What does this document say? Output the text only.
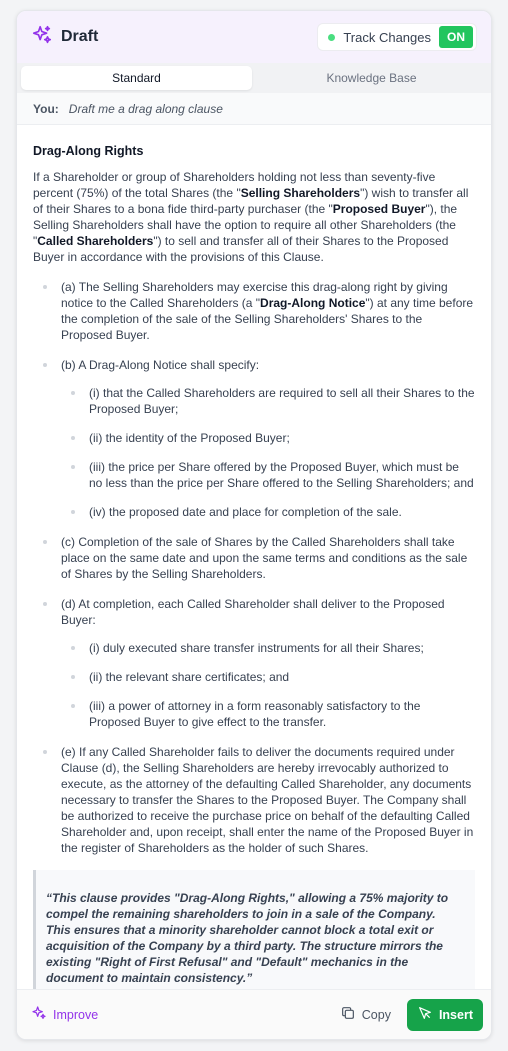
Draft	Track Changes	ON
Standard	Knowledge Base
You: Draft me a drag along clause
Drag-Along Rights

If a Shareholder or group of Shareholders holding not less than seventy-five percent (75%) of the total Shares (the "Selling Shareholders") wish to transfer all of their Shares to a bona fide third-party purchaser (the "Proposed Buyer"), the Selling Shareholders shall have the option to require all other Shareholders (the "Called Shareholders") to sell and transfer all of their Shares to the Proposed Buyer in accordance with the provisions of this Clause.

(a) The Selling Shareholders may exercise this drag-along right by giving notice to the Called Shareholders (a "Drag-Along Notice") at any time before the completion of the sale of the Selling Shareholders' Shares to the Proposed Buyer.
(b) A Drag-Along Notice shall specify:
(i) that the Called Shareholders are required to sell all their Shares to the Proposed Buyer;
(ii) the identity of the Proposed Buyer;
(iii) the price per Share offered by the Proposed Buyer, which must be no less than the price per Share offered to the Selling Shareholders; and
(iv) the proposed date and place for completion of the sale.
(c) Completion of the sale of Shares by the Called Shareholders shall take place on the same date and upon the same terms and conditions as the sale of Shares by the Selling Shareholders.
(d) At completion, each Called Shareholder shall deliver to the Proposed Buyer:
(i) duly executed share transfer instruments for all their Shares;
(ii) the relevant share certificates; and
(iii) a power of attorney in a form reasonably satisfactory to the Proposed Buyer to give effect to the transfer.
(e) If any Called Shareholder fails to deliver the documents required under Clause (d), the Selling Shareholders are hereby irrevocably authorized to execute, as the attorney of the defaulting Called Shareholder, any documents necessary to transfer the Shares to the Proposed Buyer. The Company shall be authorized to receive the purchase price on behalf of the defaulting Called Shareholder and, upon receipt, shall enter the name of the Proposed Buyer in the register of Shareholders as the holder of such Shares.
“This clause provides "Drag-Along Rights," allowing a 75% majority to compel the remaining shareholders to join in a sale of the Company. This ensures that a minority shareholder cannot block a total exit or acquisition of the Company by a third party. The structure mirrors the existing "Right of First Refusal" and "Default" mechanics in the document to maintain consistency.”
Improve	Copy	Insert
